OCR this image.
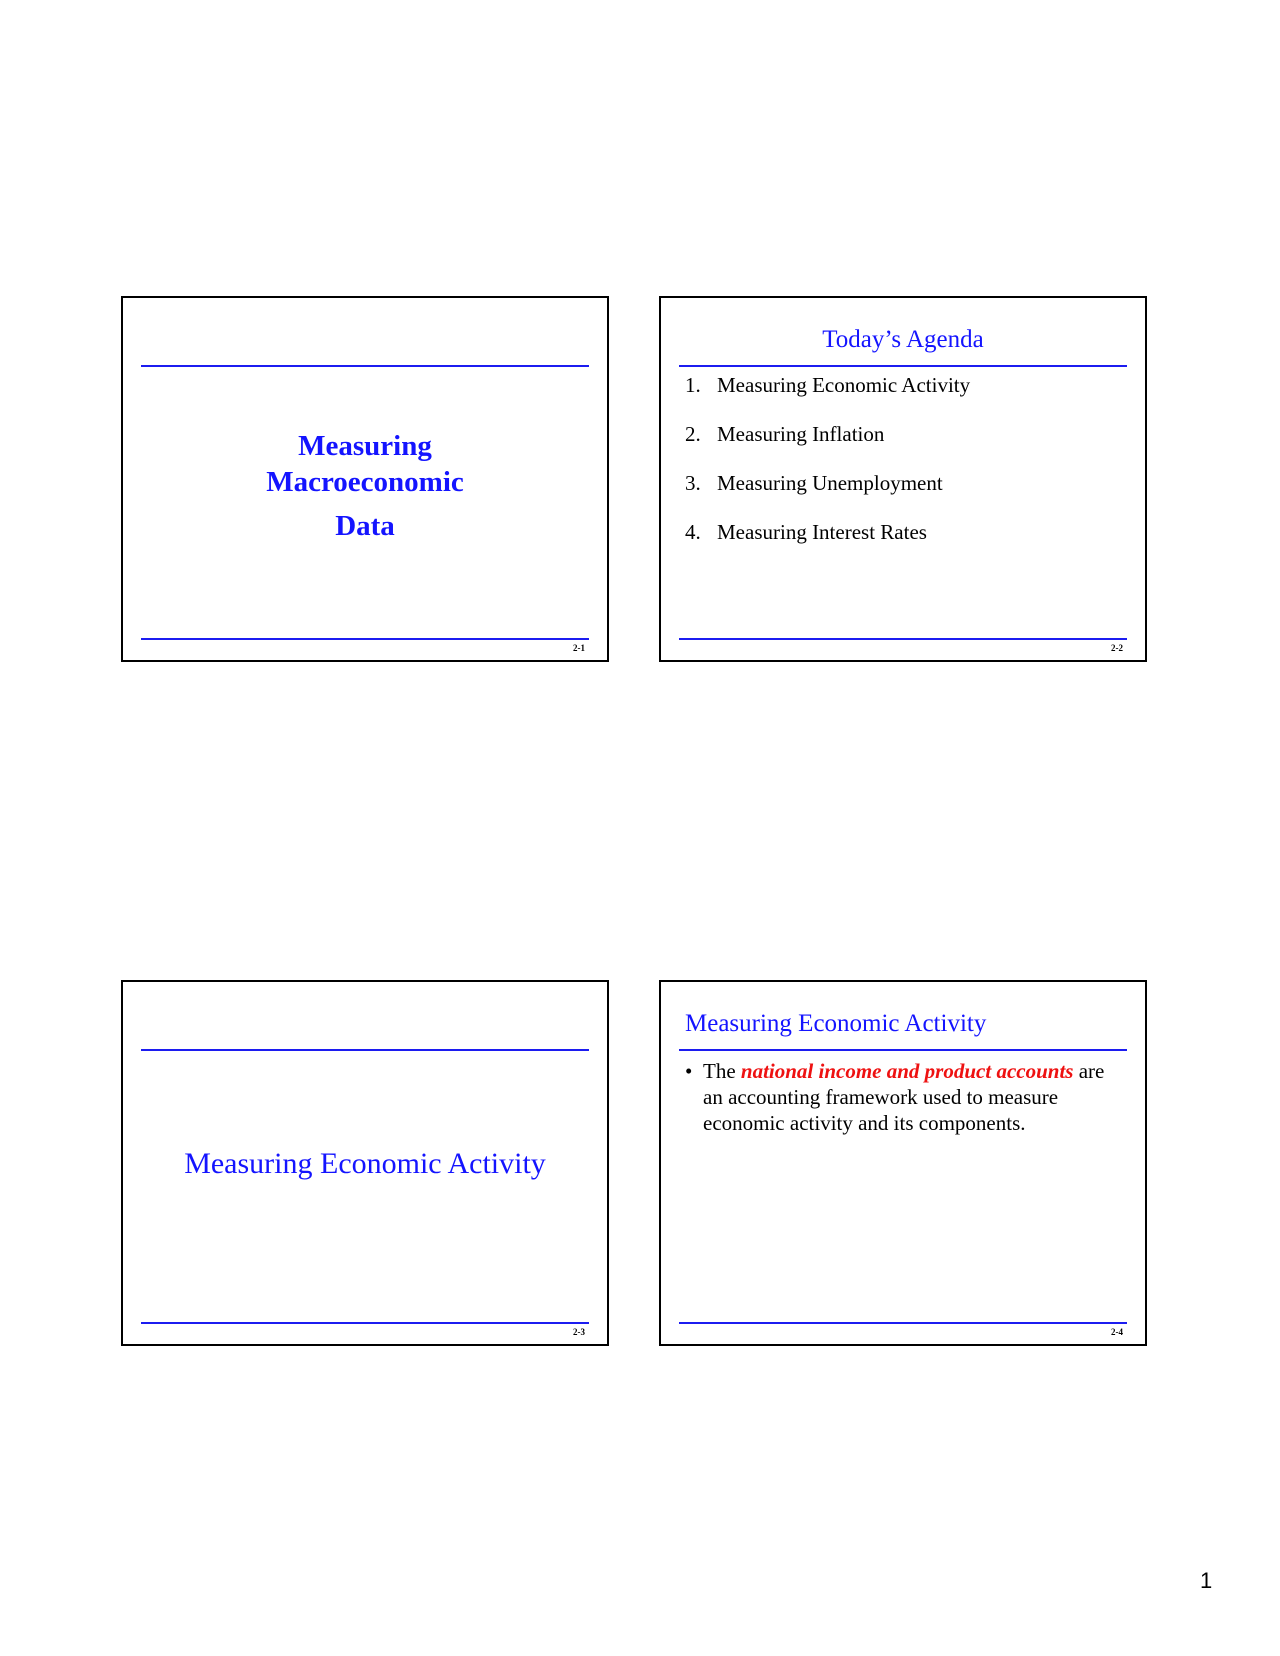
Measuring
Macroeconomic
Data
2-1
Today’s Agenda
1. Measuring Economic Activity
2. Measuring Inflation
3. Measuring Unemployment
4. Measuring Interest Rates
2-2
Measuring Economic Activity
2-3
Measuring Economic Activity
• The national income and product accounts are an accounting framework used to measure economic activity and its components.
2-4
1
